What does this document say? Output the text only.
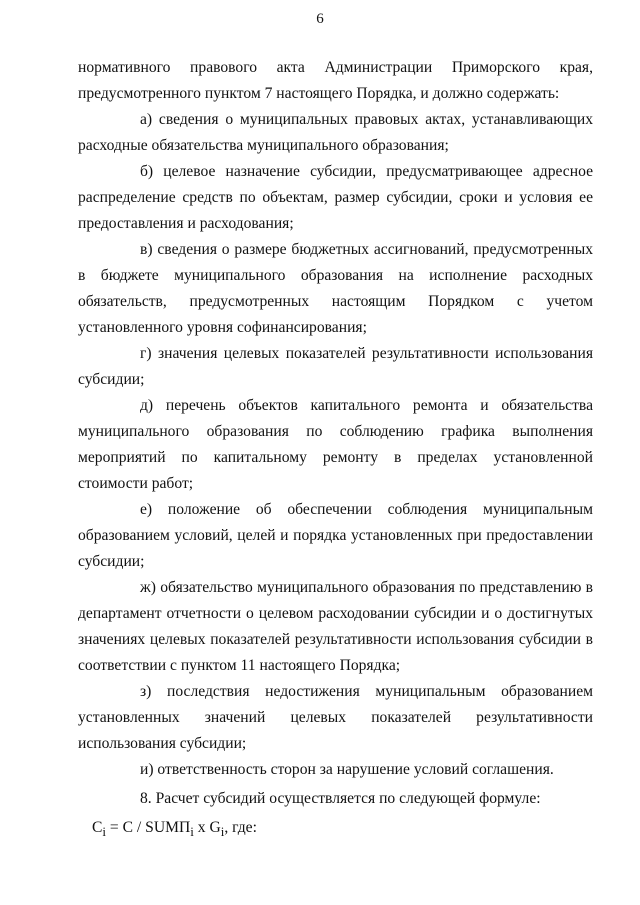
6

нормативного правового акта Администрации Приморского края, предусмотренного пунктом 7 настоящего Порядка, и должно содержать:

а) сведения о муниципальных правовых актах, устанавливающих расходные обязательства муниципального образования;

б) целевое назначение субсидии, предусматривающее адресное распределение средств по объектам, размер субсидии, сроки и условия ее предоставления и расходования;

в) сведения о размере бюджетных ассигнований, предусмотренных в бюджете муниципального образования на исполнение расходных обязательств, предусмотренных настоящим Порядком с учетом установленного уровня софинансирования;

г) значения целевых показателей результативности использования субсидии;

д) перечень объектов капитального ремонта и обязательства муниципального образования по соблюдению графика выполнения мероприятий по капитальному ремонту в пределах установленной стоимости работ;

е) положение об обеспечении соблюдения муниципальным образованием условий, целей и порядка установленных при предоставлении субсидии;

ж) обязательство муниципального образования по представлению в департамент отчетности о целевом расходовании субсидии и о достигнутых значениях целевых показателей результативности использования субсидии в соответствии с пунктом 11 настоящего Порядка;

з) последствия недостижения муниципальным образованием установленных значений целевых показателей результативности использования субсидии;

и) ответственность сторон за нарушение условий соглашения.

8. Расчет субсидий осуществляется по следующей формуле:

$C_i = C$ / $SUMП_i$ x $G_i$, где:
